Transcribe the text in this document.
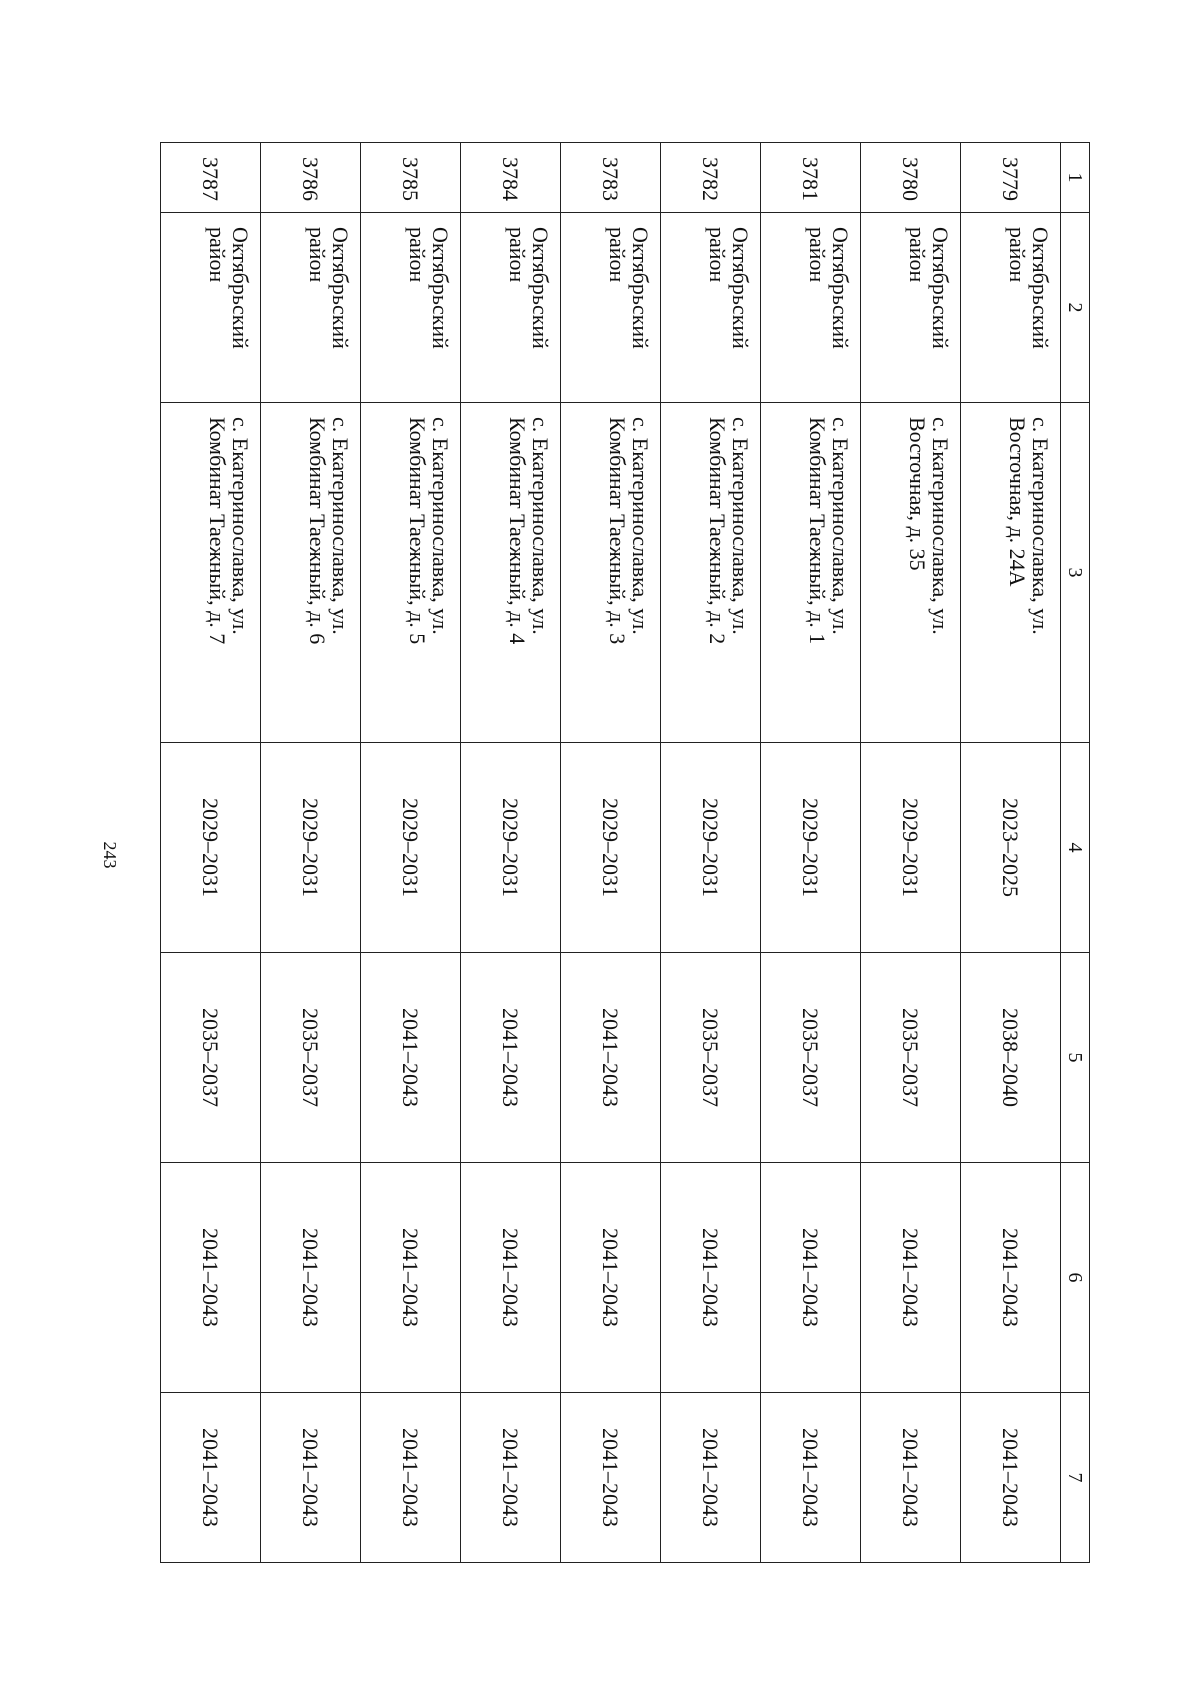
243
1	2	3	4	5	6	7
3779	Октябрьский район	с. Екатеринославка, ул. Восточная, д. 24А	2023–2025	2038–2040	2041–2043	2041–2043
3780	Октябрьский район	с. Екатеринославка, ул. Восточная, д. 35	2029–2031	2035–2037	2041–2043	2041–2043
3781	Октябрьский район	с. Екатеринославка, ул. Комбинат Таежный, д. 1	2029–2031	2035–2037	2041–2043	2041–2043
3782	Октябрьский район	с. Екатеринославка, ул. Комбинат Таежный, д. 2	2029–2031	2035–2037	2041–2043	2041–2043
3783	Октябрьский район	с. Екатеринославка, ул. Комбинат Таежный, д. 3	2029–2031	2041–2043	2041–2043	2041–2043
3784	Октябрьский район	с. Екатеринославка, ул. Комбинат Таежный, д. 4	2029–2031	2041–2043	2041–2043	2041–2043
3785	Октябрьский район	с. Екатеринославка, ул. Комбинат Таежный, д. 5	2029–2031	2041–2043	2041–2043	2041–2043
3786	Октябрьский район	с. Екатеринославка, ул. Комбинат Таежный, д. 6	2029–2031	2035–2037	2041–2043	2041–2043
3787	Октябрьский район	с. Екатеринославка, ул. Комбинат Таежный, д. 7	2029–2031	2035–2037	2041–2043	2041–2043
